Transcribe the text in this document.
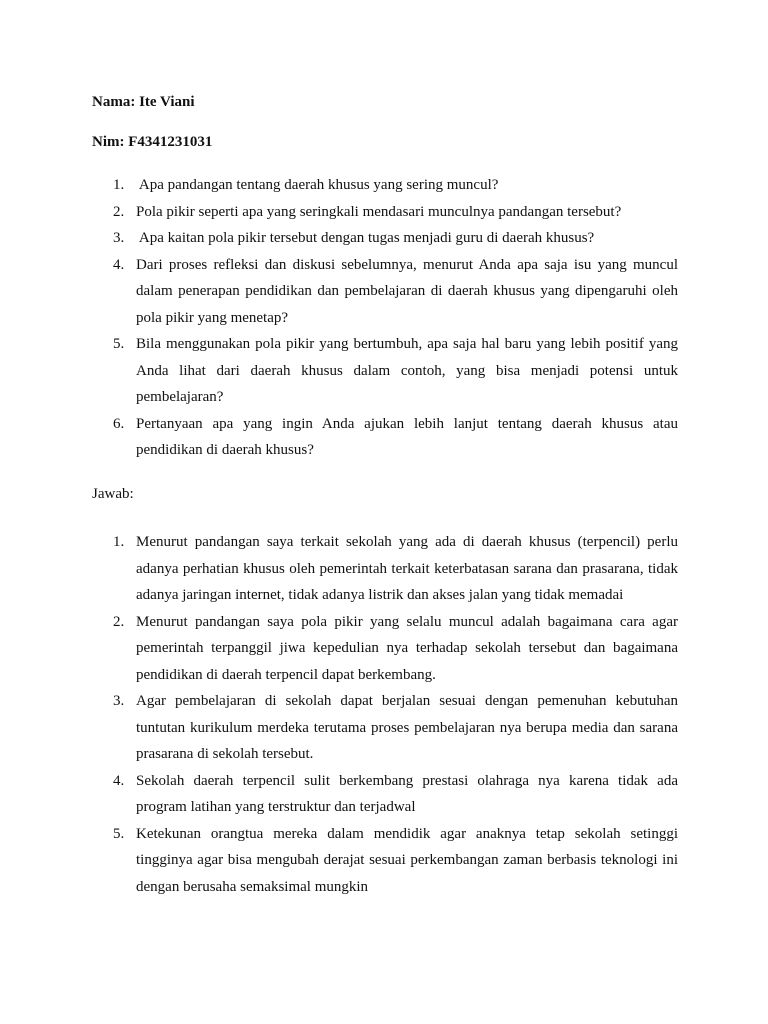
Nama: Ite Viani
Nim: F4341231031
1. Apa pandangan tentang daerah khusus yang sering muncul?
2. Pola pikir seperti apa yang seringkali mendasari munculnya pandangan tersebut?
3. Apa kaitan pola pikir tersebut dengan tugas menjadi guru di daerah khusus?
4. Dari proses refleksi dan diskusi sebelumnya, menurut Anda apa saja isu yang muncul dalam penerapan pendidikan dan pembelajaran di daerah khusus yang dipengaruhi oleh pola pikir yang menetap?
5. Bila menggunakan pola pikir yang bertumbuh, apa saja hal baru yang lebih positif yang Anda lihat dari daerah khusus dalam contoh, yang bisa menjadi potensi untuk pembelajaran?
6. Pertanyaan apa yang ingin Anda ajukan lebih lanjut tentang daerah khusus atau pendidikan di daerah khusus?
Jawab:
1. Menurut pandangan saya terkait sekolah yang ada di daerah khusus (terpencil) perlu adanya perhatian khusus oleh pemerintah terkait keterbatasan sarana dan prasarana, tidak adanya jaringan internet, tidak adanya listrik dan akses jalan yang tidak memadai
2. Menurut pandangan saya pola pikir yang selalu muncul adalah bagaimana cara agar pemerintah terpanggil jiwa kepedulian nya terhadap sekolah tersebut dan bagaimana pendidikan di daerah terpencil dapat berkembang.
3. Agar pembelajaran di sekolah dapat berjalan sesuai dengan pemenuhan kebutuhan tuntutan kurikulum merdeka terutama proses pembelajaran nya berupa media dan sarana prasarana di sekolah tersebut.
4. Sekolah daerah terpencil sulit berkembang prestasi olahraga nya karena tidak ada program latihan yang terstruktur dan terjadwal
5. Ketekunan orangtua mereka dalam mendidik agar anaknya tetap sekolah setinggi tingginya agar bisa mengubah derajat sesuai perkembangan zaman berbasis teknologi ini dengan berusaha semaksimal mungkin
